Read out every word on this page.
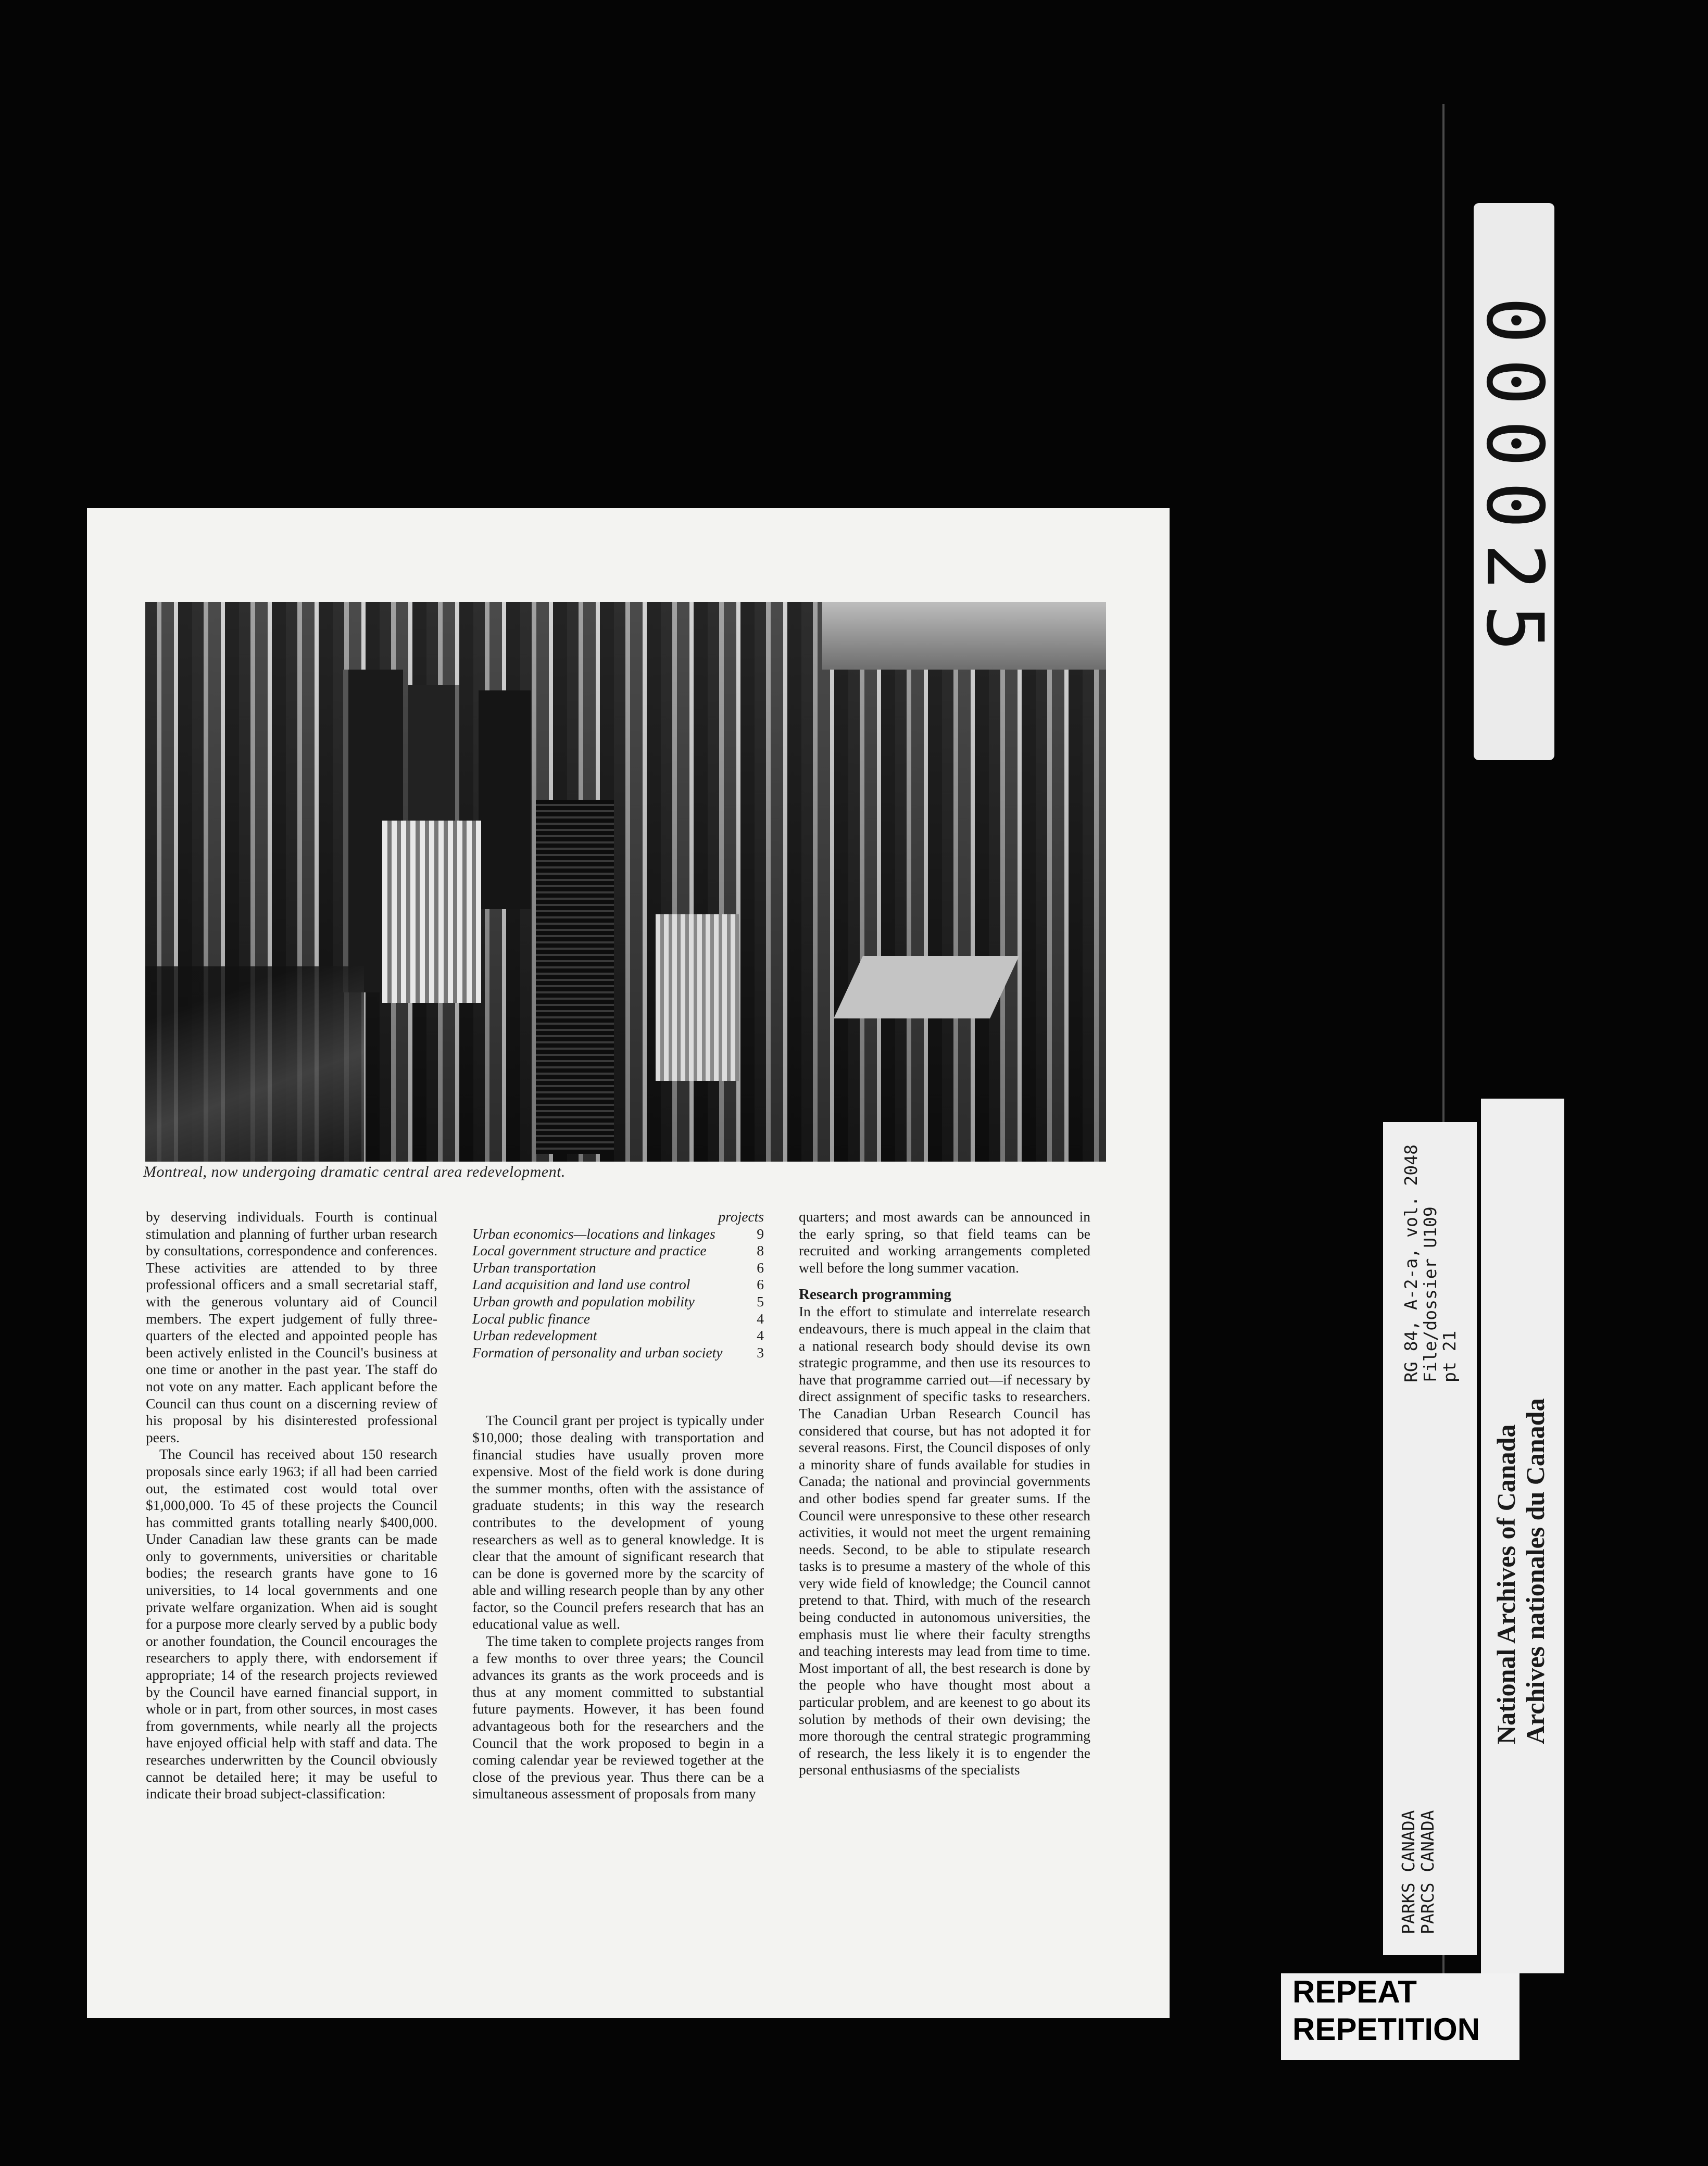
Montreal, now undergoing dramatic central area redevelopment.

by deserving individuals. Fourth is continual stimulation and planning of further urban research by consultations, correspondence and conferences. These activities are attended to by three professional officers and a small secretarial staff, with the generous voluntary aid of Council members. The expert judgement of fully three-quarters of the elected and appointed people has been actively enlisted in the Council's business at one time or another in the past year. The staff do not vote on any matter. Each applicant before the Council can thus count on a discerning review of his proposal by his disinterested professional peers.

The Council has received about 150 research proposals since early 1963; if all had been carried out, the estimated cost would total over $1,000,000. To 45 of these projects the Council has committed grants totalling nearly $400,000. Under Canadian law these grants can be made only to governments, universities or charitable bodies; the research grants have gone to 16 universities, to 14 local governments and one private welfare organization. When aid is sought for a purpose more clearly served by a public body or another foundation, the Council encourages the researchers to apply there, with endorsement if appropriate; 14 of the research projects reviewed by the Council have earned financial support, in whole or in part, from other sources, in most cases from governments, while nearly all the projects have enjoyed official help with staff and data. The researches underwritten by the Council obviously cannot be detailed here; it may be useful to indicate their broad subject-classification:

projects
Urban economics—locations and linkages	9
Local government structure and practice	8
Urban transportation	6
Land acquisition and land use control	6
Urban growth and population mobility	5
Local public finance	4
Urban redevelopment	4
Formation of personality and urban society	3

The Council grant per project is typically under $10,000; those dealing with transportation and financial studies have usually proven more expensive. Most of the field work is done during the summer months, often with the assistance of graduate students; in this way the research contributes to the development of young researchers as well as to general knowledge. It is clear that the amount of significant research that can be done is governed more by the scarcity of able and willing research people than by any other factor, so the Council prefers research that has an educational value as well.

The time taken to complete projects ranges from a few months to over three years; the Council advances its grants as the work proceeds and is thus at any moment committed to substantial future payments. However, it has been found advantageous both for the researchers and the Council that the work proposed to begin in a coming calendar year be reviewed together at the close of the previous year. Thus there can be a simultaneous assessment of proposals from many

quarters; and most awards can be announced in the early spring, so that field teams can be recruited and working arrangements completed well before the long summer vacation.

Research programming

In the effort to stimulate and interrelate research endeavours, there is much appeal in the claim that a national research body should devise its own strategic programme, and then use its resources to have that programme carried out—if necessary by direct assignment of specific tasks to researchers. The Canadian Urban Research Council has considered that course, but has not adopted it for several reasons. First, the Council disposes of only a minority share of funds available for studies in Canada; the national and provincial governments and other bodies spend far greater sums. If the Council were unresponsive to these other research activities, it would not meet the urgent remaining needs. Second, to be able to stipulate research tasks is to presume a mastery of the whole of this very wide field of knowledge; the Council cannot pretend to that. Third, with much of the research being conducted in autonomous universities, the emphasis must lie where their faculty strengths and teaching interests may lead from time to time. Most important of all, the best research is done by the people who have thought most about a particular problem, and are keenest to go about its solution by methods of their own devising; the more thorough the central strategic programming of research, the less likely it is to engender the personal enthusiasms of the specialists

000025
PARKS CANADA
PARCS CANADA
RG 84, A-2-a, vol. 2048
File/dossier U109
pt 21
National Archives of Canada Archives nationales du Canada
REPEAT
REPETITION
